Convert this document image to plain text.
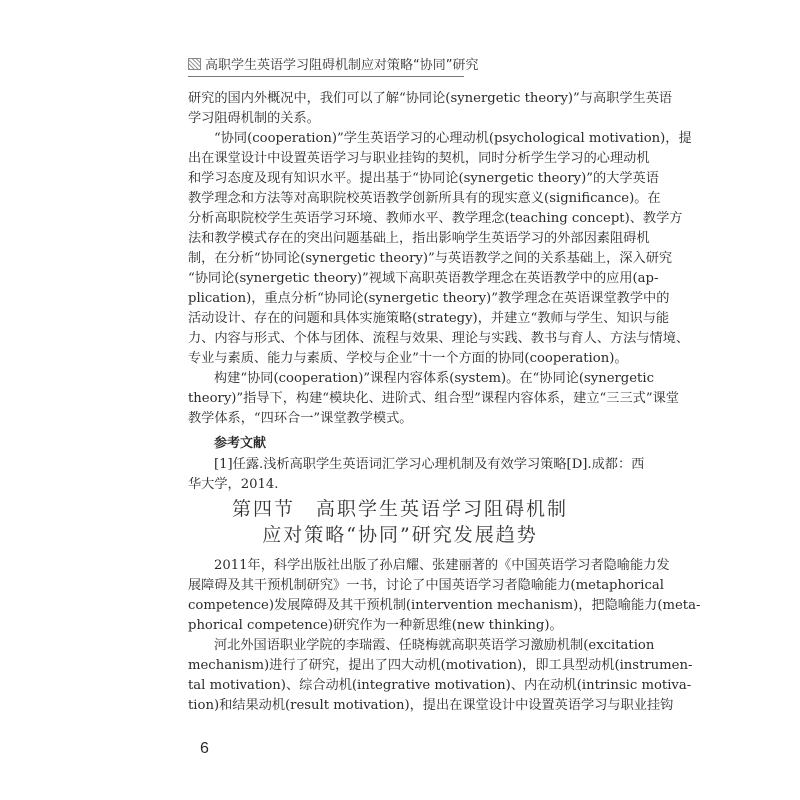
高职学生英语学习阻碍机制应对策略“协同”研究
研究的国内外概况中，我们可以了解“协同论(synergetic theory)”与高职学生英语
学习阻碍机制的关系。
“协同(cooperation)”学生英语学习的心理动机(psychological motivation)，提
出在课堂设计中设置英语学习与职业挂钩的契机，同时分析学生学习的心理动机
和学习态度及现有知识水平。提出基于“协同论(synergetic theory)”的大学英语
教学理念和方法等对高职院校英语教学创新所具有的现实意义(significance)。在
分析高职院校学生英语学习环境、教师水平、教学理念(teaching concept)、教学方
法和教学模式存在的突出问题基础上，指出影响学生英语学习的外部因素阻碍机
制，在分析“协同论(synergetic theory)”与英语教学之间的关系基础上，深入研究
“协同论(synergetic theory)”视域下高职英语教学理念在英语教学中的应用(ap-
plication)，重点分析“协同论(synergetic theory)”教学理念在英语课堂教学中的
活动设计、存在的问题和具体实施策略(strategy)，并建立“教师与学生、知识与能
力、内容与形式、个体与团体、流程与效果、理论与实践、教书与育人、方法与情境、
专业与素质、能力与素质、学校与企业”十一个方面的协同(cooperation)。
构建“协同(cooperation)”课程内容体系(system)。在“协同论(synergetic
theory)”指导下，构建“模块化、进阶式、组合型”课程内容体系，建立“三三式”课堂
教学体系，“四环合一”课堂教学模式。
参考文献
[1]任露.浅析高职学生英语词汇学习心理机制及有效学习策略[D].成都：西
华大学，2014.
第四节　高职学生英语学习阻碍机制
应对策略“协同”研究发展趋势
2011年，科学出版社出版了孙启耀、张建丽著的《中国英语学习者隐喻能力发
展障碍及其干预机制研究》一书，讨论了中国英语学习者隐喻能力(metaphorical
competence)发展障碍及其干预机制(intervention mechanism)，把隐喻能力(meta-
phorical competence)研究作为一种新思维(new thinking)。
河北外国语职业学院的李瑞霞、任晓梅就高职英语学习激励机制(excitation
mechanism)进行了研究，提出了四大动机(motivation)，即工具型动机(instrumen-
tal motivation)、综合动机(integrative motivation)、内在动机(intrinsic motiva-
tion)和结果动机(result motivation)，提出在课堂设计中设置英语学习与职业挂钩
6
